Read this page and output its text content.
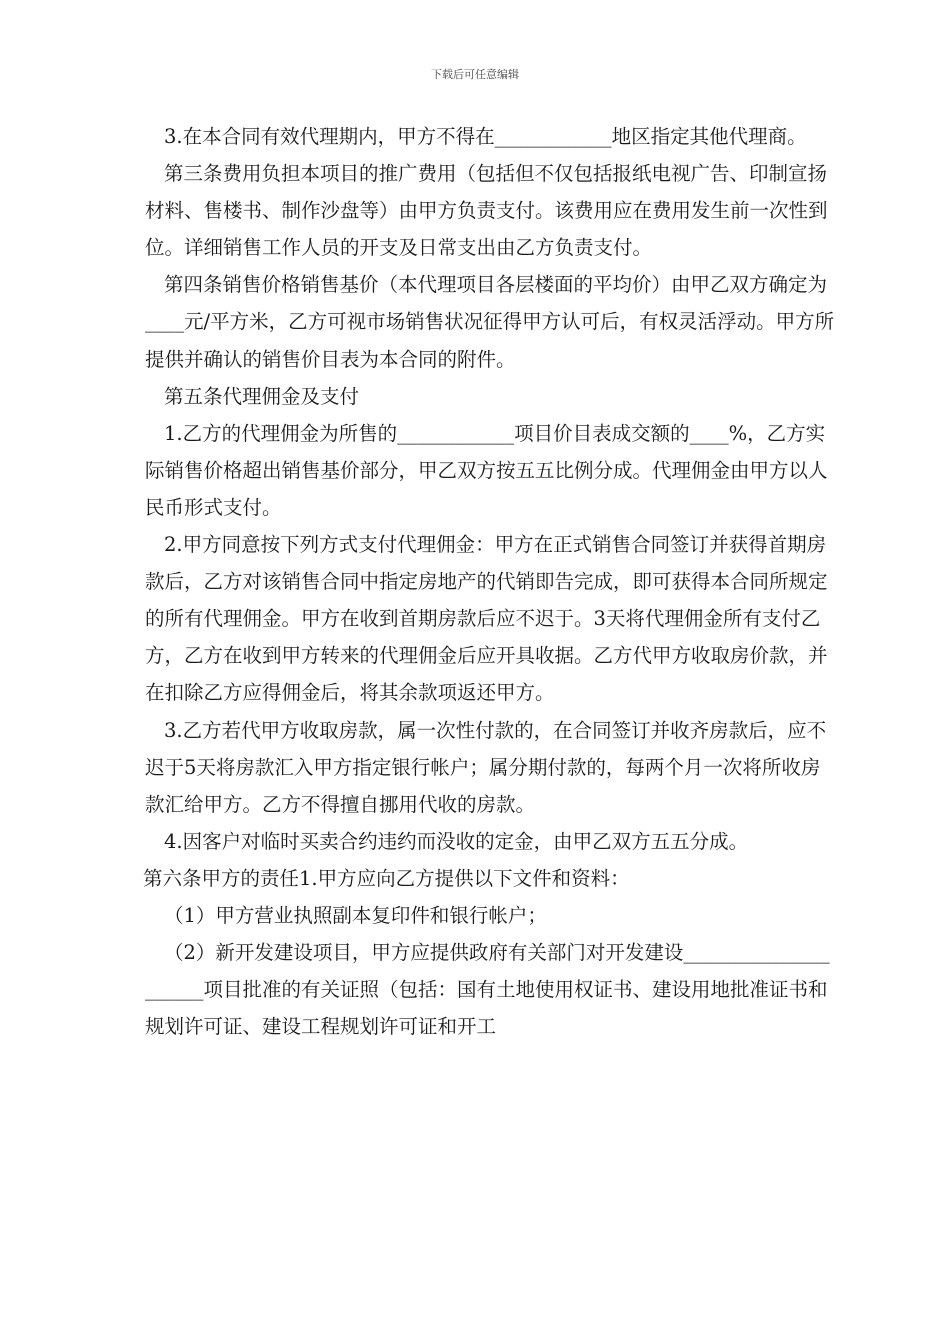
下载后可任意编辑

3.在本合同有效代理期内，甲方不得在____________地区指定其他代理商。

第三条费用负担本项目的推广费用（包括但不仅包括报纸电视广告、印制宣扬材料、售楼书、制作沙盘等）由甲方负责支付。该费用应在费用发生前一次性到位。详细销售工作人员的开支及日常支出由乙方负责支付。

第四条销售价格销售基价（本代理项目各层楼面的平均价）由甲乙双方确定为____元/平方米，乙方可视市场销售状况征得甲方认可后，有权灵活浮动。甲方所提供并确认的销售价目表为本合同的附件。

第五条代理佣金及支付

1.乙方的代理佣金为所售的____________项目价目表成交额的____%，乙方实际销售价格超出销售基价部分，甲乙双方按五五比例分成。代理佣金由甲方以人民币形式支付。

2.甲方同意按下列方式支付代理佣金：甲方在正式销售合同签订并获得首期房款后，乙方对该销售合同中指定房地产的代销即告完成，即可获得本合同所规定的所有代理佣金。甲方在收到首期房款后应不迟于。3天将代理佣金所有支付乙方，乙方在收到甲方转来的代理佣金后应开具收据。乙方代甲方收取房价款，并在扣除乙方应得佣金后，将其余款项返还甲方。

3.乙方若代甲方收取房款，属一次性付款的，在合同签订并收齐房款后，应不迟于5天将房款汇入甲方指定银行帐户；属分期付款的，每两个月一次将所收房款汇给甲方。乙方不得擅自挪用代收的房款。

4.因客户对临时买卖合约违约而没收的定金，由甲乙双方五五分成。

第六条甲方的责任1.甲方应向乙方提供以下文件和资料：

（1）甲方营业执照副本复印件和银行帐户；

（2）新开发建设项目，甲方应提供政府有关部门对开发建设_____________________项目批准的有关证照（包括：国有土地使用权证书、建设用地批准证书和规划许可证、建设工程规划许可证和开工
